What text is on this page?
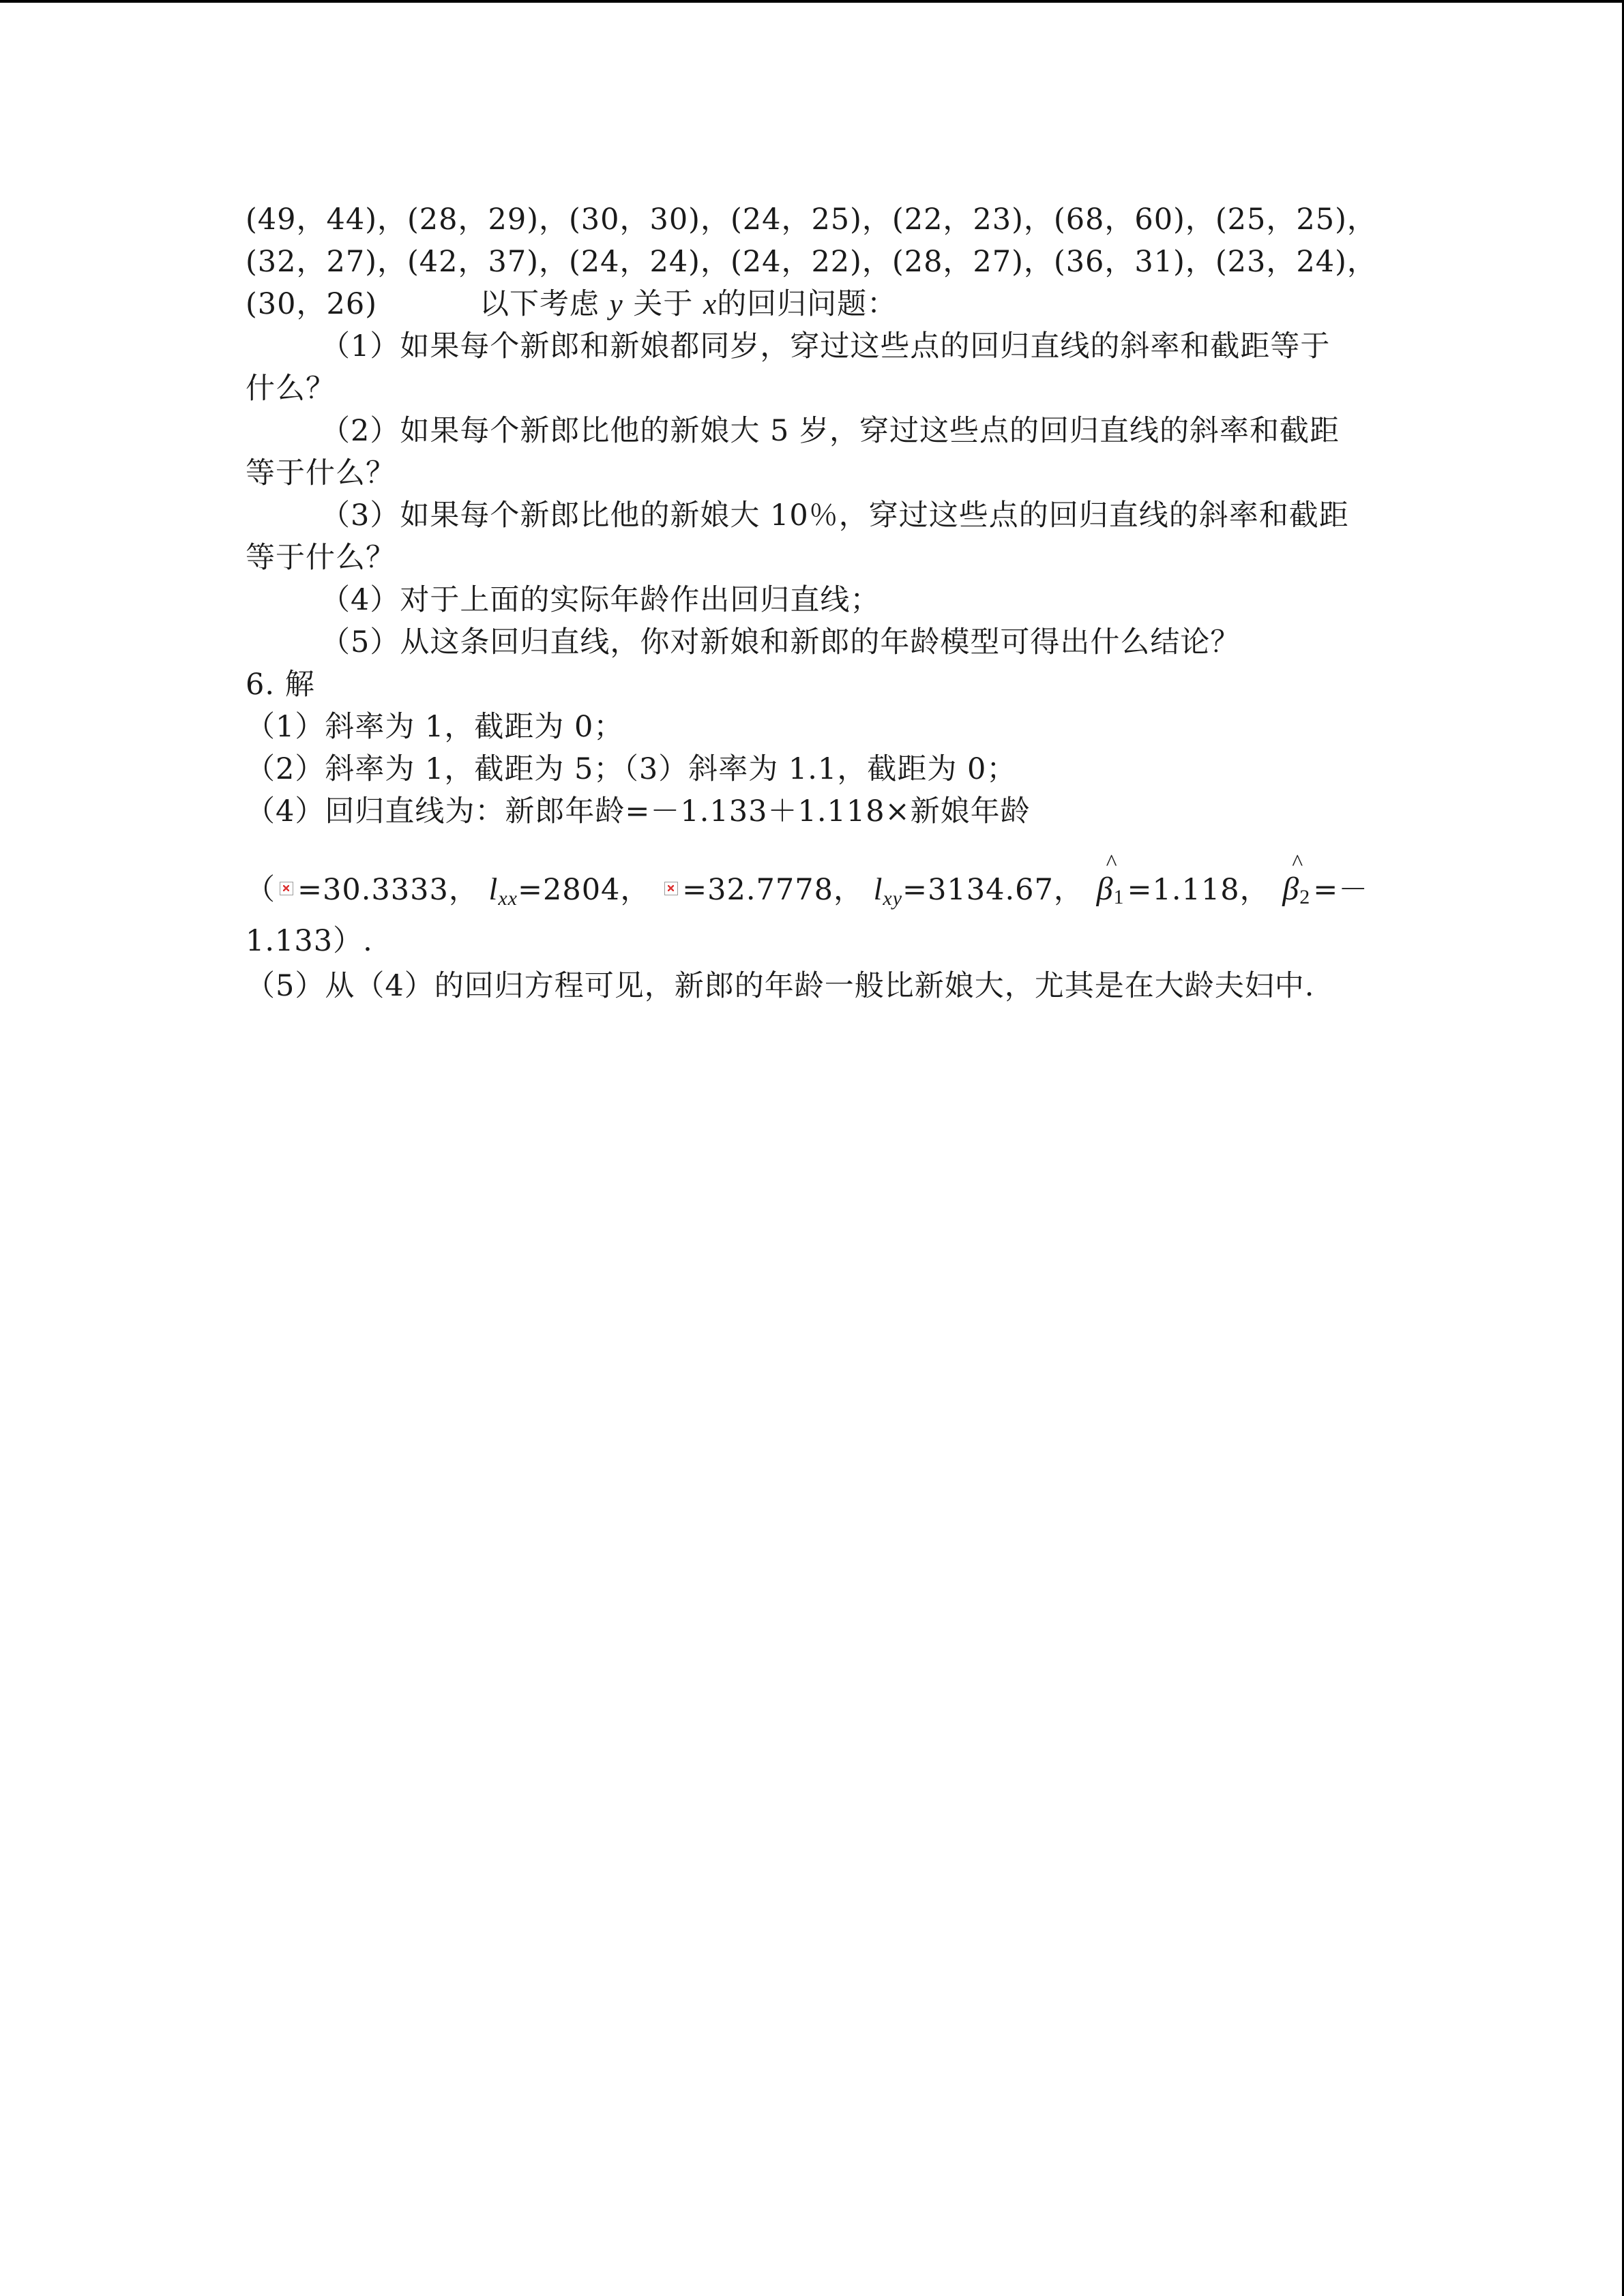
(49，44)，(28，29)，(30，30)，(24，25)，(22，23)，(68，60)，(25，25)，
(32，27)，(42，37)，(24，24)，(24，22)，(28，27)，(36，31)，(23，24)，
(30，26)	以下考虑 y 关于 x的回归问题：
（1）如果每个新郎和新娘都同岁，穿过这些点的回归直线的斜率和截距等于
什么？
（2）如果每个新郎比他的新娘大 5 岁，穿过这些点的回归直线的斜率和截距
等于什么？
（3）如果每个新郎比他的新娘大 10％，穿过这些点的回归直线的斜率和截距
等于什么？
（4）对于上面的实际年龄作出回归直线；
（5）从这条回归直线，你对新娘和新郎的年龄模型可得出什么结论？
6. 解
（1）斜率为 1，截距为 0；
（2）斜率为 1，截距为 5；（3）斜率为 1.1，截距为 0；
（4）回归直线为：新郎年龄=－1.133＋1.118×新娘年龄
（ =30.3333， $l_{xx}=2804$， =32.7778， $l_{xy}=3134.67$， ^ $\beta_1=1.118$， ^ $\beta_2=-$
1.133）.
（5）从（4）的回归方程可见，新郎的年龄一般比新娘大，尤其是在大龄夫妇中.
